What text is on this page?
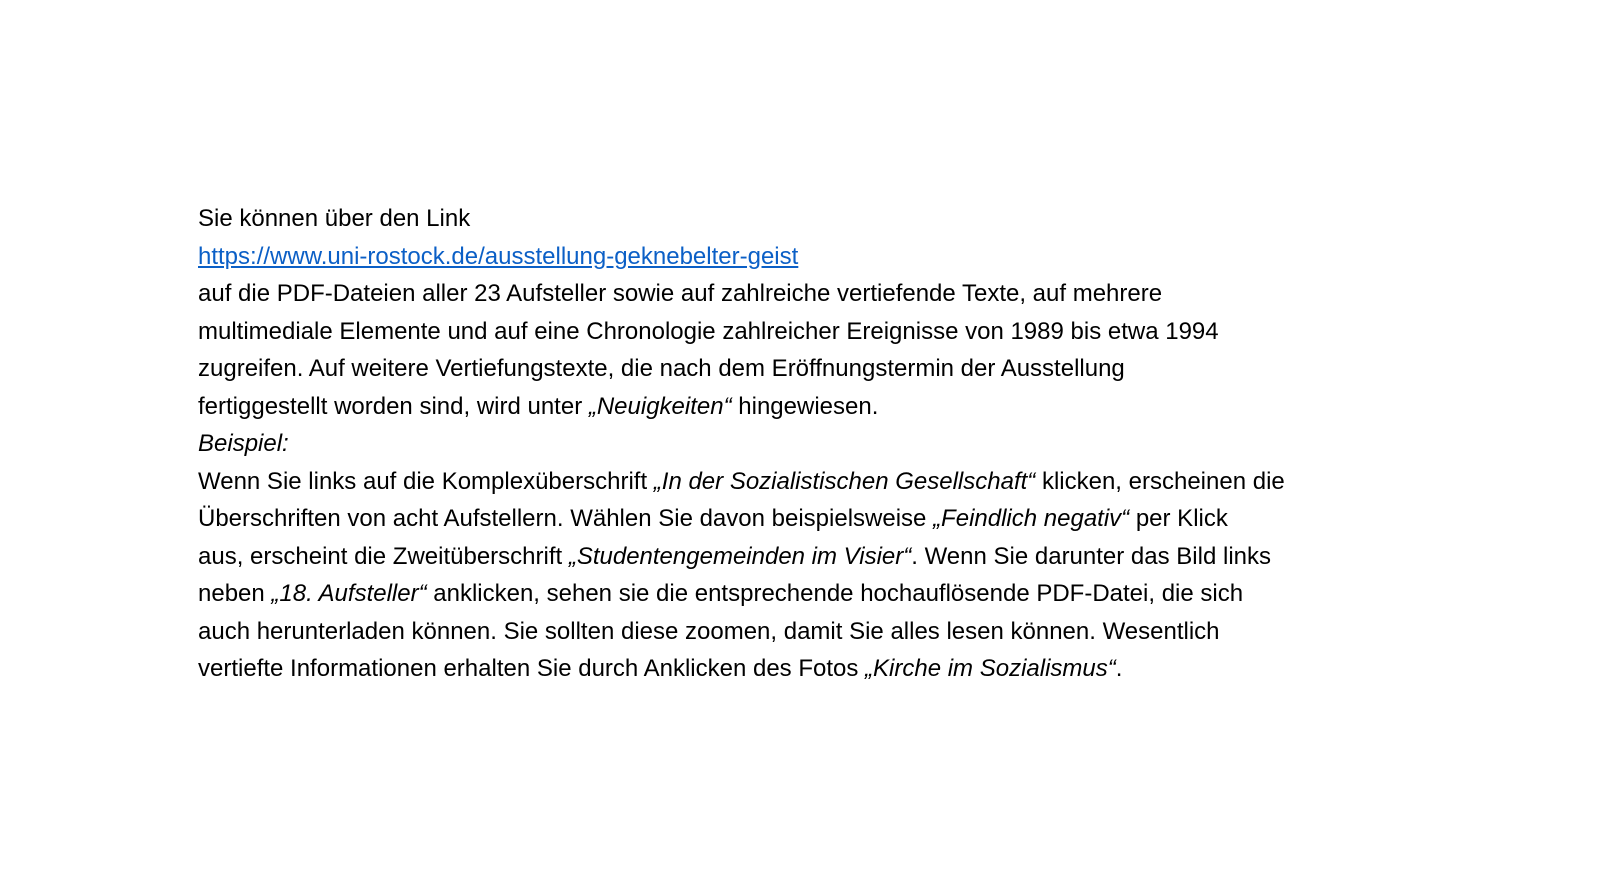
Sie können über den Link
https://www.uni-rostock.de/ausstellung-geknebelter-geist
auf die PDF-Dateien aller 23 Aufsteller sowie auf zahlreiche vertiefende Texte, auf mehrere
multimediale Elemente und auf eine Chronologie zahlreicher Ereignisse von 1989 bis etwa 1994
zugreifen. Auf weitere Vertiefungstexte, die nach dem Eröffnungstermin der Ausstellung
fertiggestellt worden sind, wird unter „Neuigkeiten“ hingewiesen.
Beispiel:
Wenn Sie links auf die Komplexüberschrift „In der Sozialistischen Gesellschaft“ klicken, erscheinen die
Überschriften von acht Aufstellern. Wählen Sie davon beispielsweise „Feindlich negativ“ per Klick
aus, erscheint die Zweitüberschrift „Studentengemeinden im Visier“. Wenn Sie darunter das Bild links
neben „18. Aufsteller“ anklicken, sehen sie die entsprechende hochauflösende PDF-Datei, die sich
auch herunterladen können. Sie sollten diese zoomen, damit Sie alles lesen können. Wesentlich
vertiefte Informationen erhalten Sie durch Anklicken des Fotos „Kirche im Sozialismus“.
